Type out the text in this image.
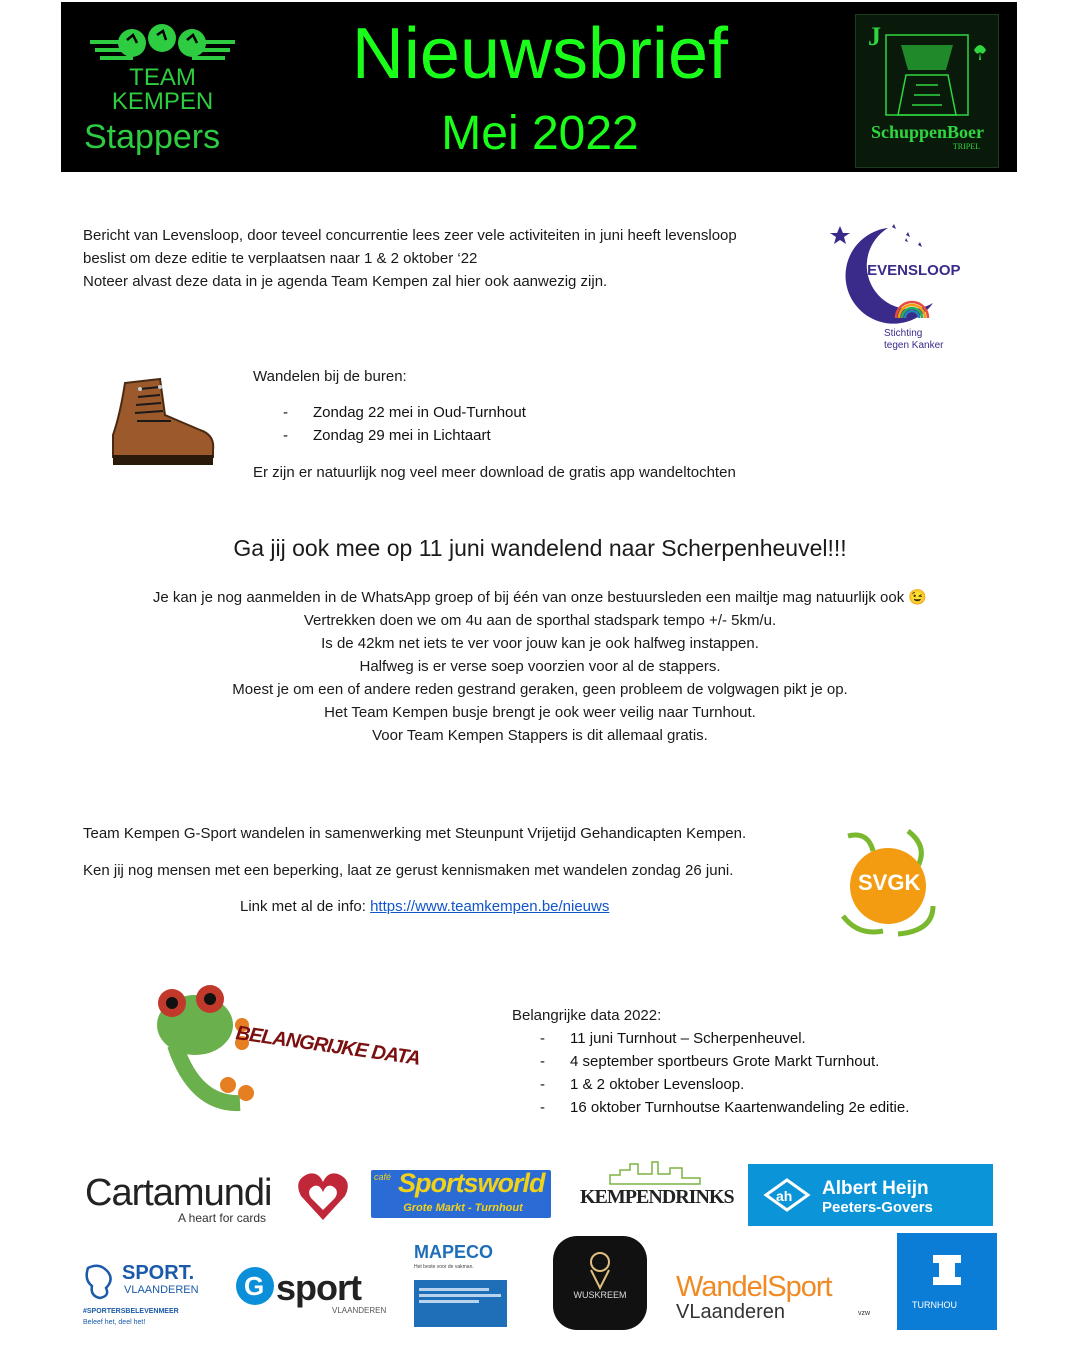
TEAM
KEMPEN
Stappers
Nieuwsbrief
Mei 2022
J
SchuppenBoer
TRIPEL
Bericht van Levensloop, door teveel concurrentie lees zeer vele activiteiten in juni heeft levensloop
beslist om deze editie te verplaatsen naar 1 & 2 oktober ‘22
Noteer alvast deze data in je agenda Team Kempen zal hier ook aanwezig zijn.
LEVENSLOOP
Stichting
tegen Kanker
Wandelen bij de buren:
- Zondag 22 mei in Oud-Turnhout
- Zondag 29 mei in Lichtaart
Er zijn er natuurlijk nog veel meer download de gratis app wandeltochten
Ga jij ook mee op 11 juni wandelend naar Scherpenheuvel!!!
Je kan je nog aanmelden in de WhatsApp groep of bij één van onze bestuursleden een mailtje mag natuurlijk ook 😉
Vertrekken doen we om 4u aan de sporthal stadspark tempo +/- 5km/u.
Is de 42km net iets te ver voor jouw kan je ook halfweg instappen.
Halfweg is er verse soep voorzien voor al de stappers.
Moest je om een of andere reden gestrand geraken, geen probleem de volgwagen pikt je op.
Het Team Kempen busje brengt je ook weer veilig naar Turnhout.
Voor Team Kempen Stappers is dit allemaal gratis.
Team Kempen G-Sport wandelen in samenwerking met Steunpunt Vrijetijd Gehandicapten Kempen.
Ken jij nog mensen met een beperking, laat ze gerust kennismaken met wandelen zondag 26 juni.
Link met al de info: https://www.teamkempen.be/nieuws
SVGK
BELANGRIJKE DATA
Belangrijke data 2022:
- 11 juni Turnhout – Scherpenheuvel.
- 4 september sportbeurs Grote Markt Turnhout.
- 1 & 2 oktober Levensloop.
- 16 oktober Turnhoutse Kaartenwandeling 2e editie.
Cartamundi
A heart for cards
café Sportsworld
Grote Markt - Turnhout	KEMPENDRINKS	ah Albert Heijn
Peeters-Govers
SPORT.
VLAANDEREN
#SPORTERSBELEVENMEER
Beleef het, deel het!
G sport
VLAANDEREN
MAPECO
Het beste voor de vakman.
WUSKREEM	WandelSport
VLaanderen	vzw
TURNHOU
